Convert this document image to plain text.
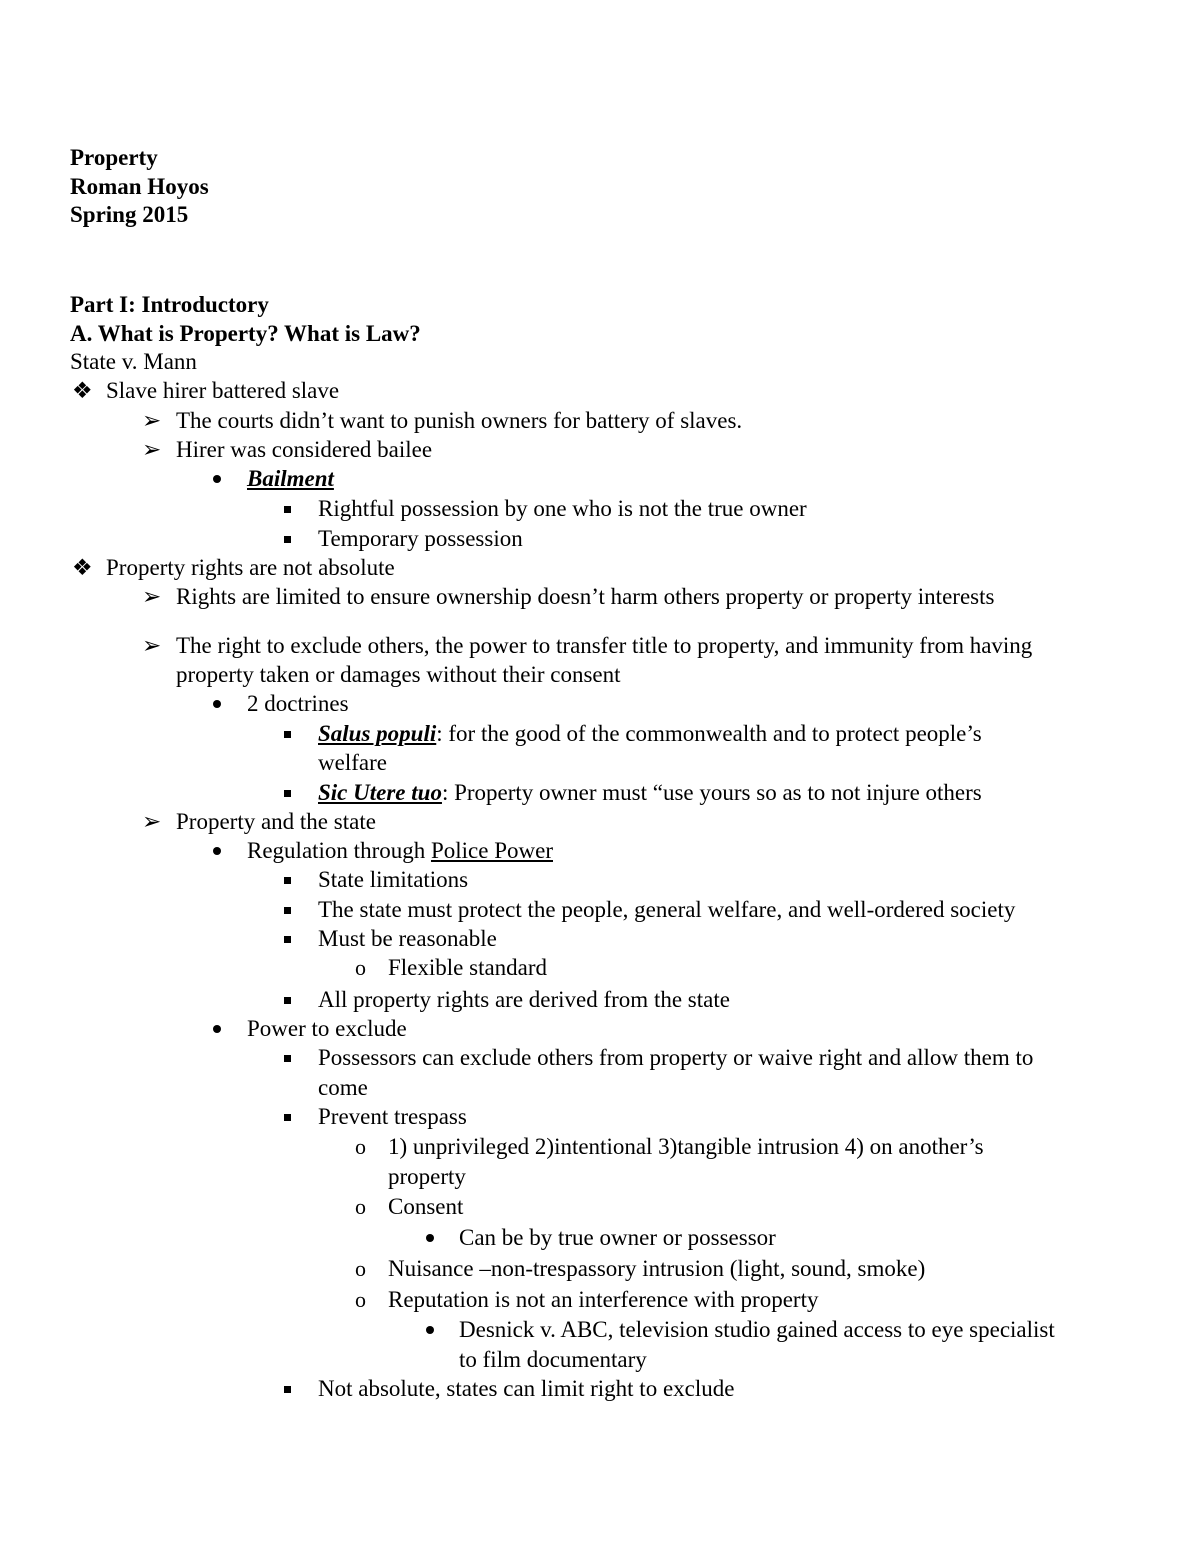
Property
Roman Hoyos
Spring 2015
Part I: Introductory
A. What is Property? What is Law?
State v. Mann
❖ Slave hirer battered slave
➢ The courts didn’t want to punish owners for battery of slaves.
➢ Hirer was considered bailee
Bailment
Rightful possession by one who is not the true owner
Temporary possession
❖ Property rights are not absolute
➢ Rights are limited to ensure ownership doesn’t harm others property or property interests
➢ The right to exclude others, the power to transfer title to property, and immunity from having
property taken or damages without their consent
2 doctrines
Salus populi: for the good of the commonwealth and to protect people’s
welfare
Sic Utere tuo: Property owner must “use yours so as to not injure others
➢ Property and the state
Regulation through Police Power
State limitations
The state must protect the people, general welfare, and well-ordered society
Must be reasonable
o Flexible standard
All property rights are derived from the state
Power to exclude
Possessors can exclude others from property or waive right and allow them to
come
Prevent trespass
o 1) unprivileged 2)intentional 3)tangible intrusion 4) on another’s
property
o Consent
Can be by true owner or possessor
o Nuisance –non-trespassory intrusion (light, sound, smoke)
o Reputation is not an interference with property
Desnick v. ABC, television studio gained access to eye specialist
to film documentary
Not absolute, states can limit right to exclude
